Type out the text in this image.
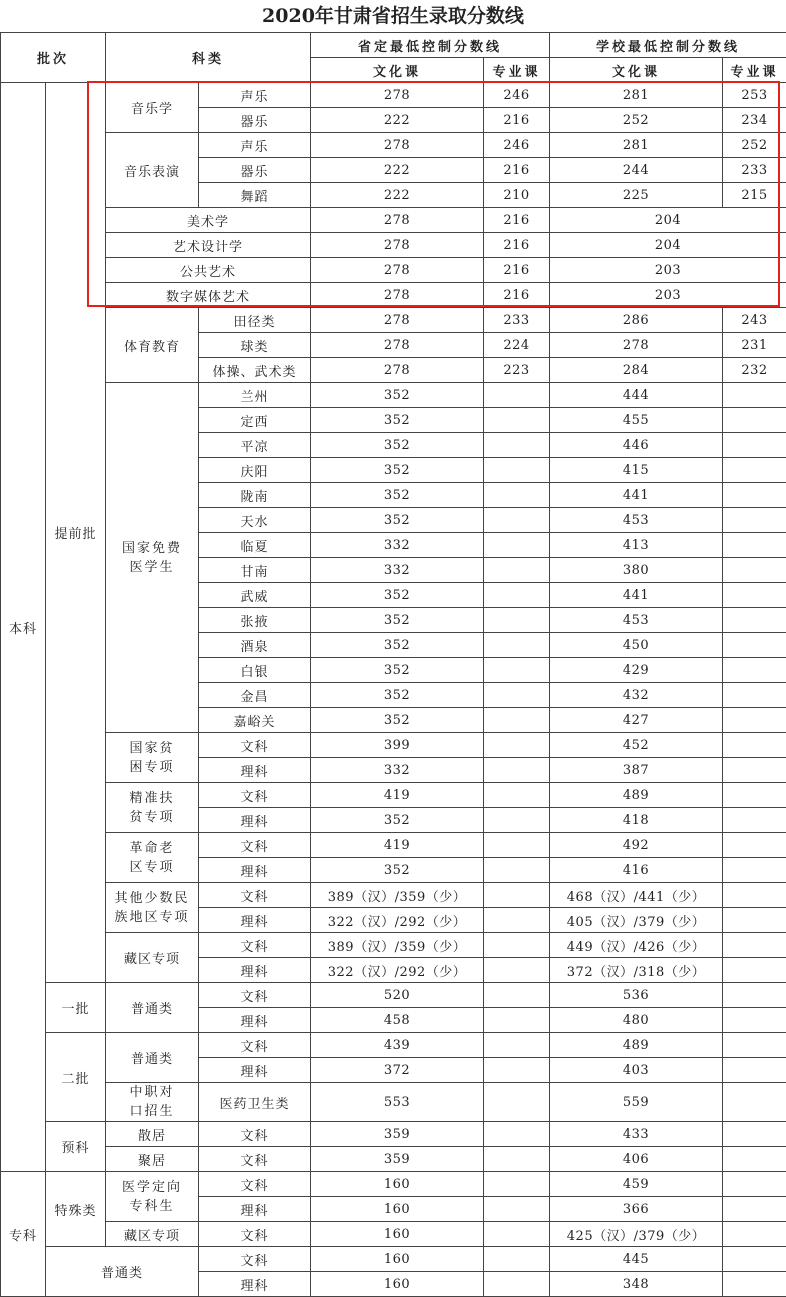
2020年甘肃省招生录取分数线
批次		科类		省定最低控制分数线		学校最低控制分数线	
				文化课	专业课	文化课	专业课
本科	提前批	音乐学	声乐	278	246	281	253
			器乐	222	216	252	234
		音乐表演	声乐	278	246	281	252
			器乐	222	216	244	233
			舞蹈	222	210	225	215
		美术学		278	216	204	
		艺术设计学		278	216	204	
		公共艺术		278	216	203	
		数字媒体艺术		278	216	203	
		体育教育	田径类	278	233	286	243
			球类	278	224	278	231
			体操、武术类	278	223	284	232
		国家免费医学生	兰州	352		444	
			定西	352		455	
			平凉	352		446	
			庆阳	352		415	
			陇南	352		441	
			天水	352		453	
			临夏	332		413	
			甘南	332		380	
			武威	352		441	
			张掖	352		453	
			酒泉	352		450	
			白银	352		429	
			金昌	352		432	
			嘉峪关	352		427	
		国家贫困专项	文科	399		452	
			理科	332		387	
		精准扶贫专项	文科	419		489	
			理科	352		418	
		革命老区专项	文科	419		492	
			理科	352		416	
		其他少数民族地区专项	文科	389（汉）/359（少）		468（汉）/441（少）	
			理科	322（汉）/292（少）		405（汉）/379（少）	
		藏区专项	文科	389（汉）/359（少）		449（汉）/426（少）	
			理科	322（汉）/292（少）		372（汉）/318（少）	
	一批	普通类	文科	520		536	
			理科	458		480	
	二批	普通类	文科	439		489	
			理科	372		403	
		中职对口招生	医药卫生类	553		559	
	预科	散居	文科	359		433	
		聚居	文科	359		406	
专科	特殊类	医学定向专科生	文科	160		459	
			理科	160		366	
		藏区专项	文科	160		425（汉）/379（少）	
	普通类		文科	160		445	
			理科	160		348	
